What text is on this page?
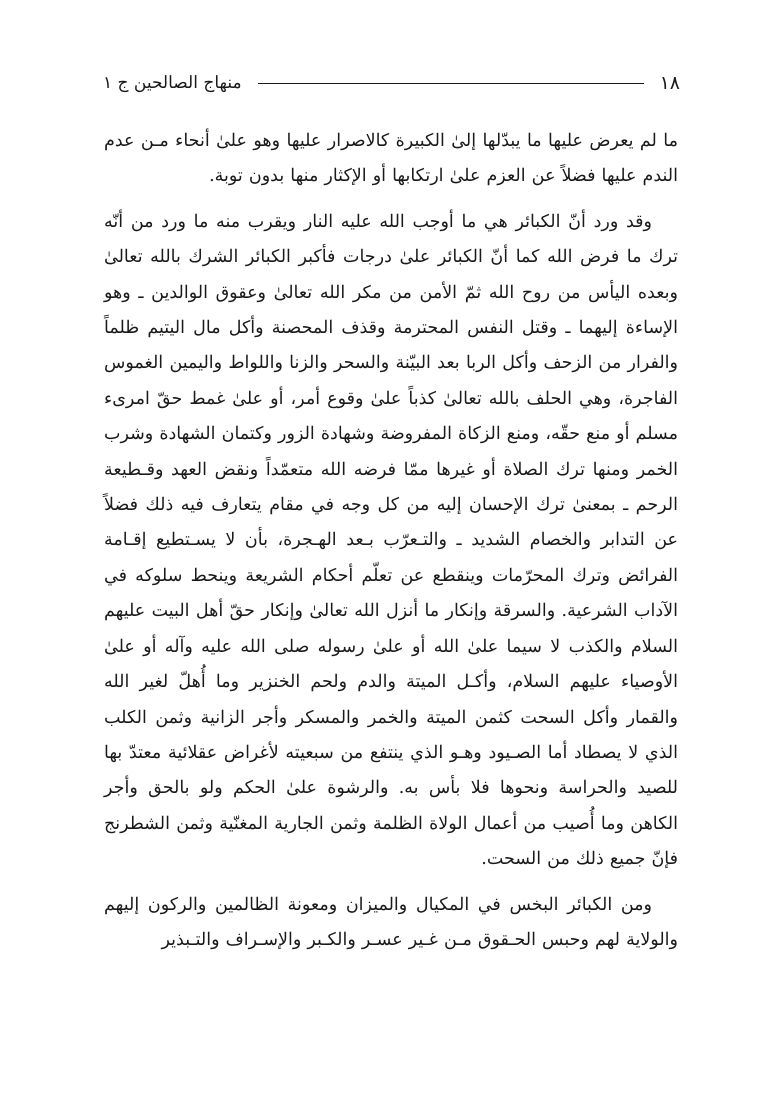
١٨
منهاج الصالحين ج ١

ما لم يعرض عليها ما يبدّلها إلىٰ الكبيرة كالاصرار عليها وهو علىٰ أنحاء مـن عدم الندم عليها فضلاً عن العزم علىٰ ارتكابها أو الإكثار منها بدون توبة.

وقد ورد أنّ الكبائر هي ما أوجب الله عليه النار ويقرب منه ما ورد من أنّه ترك ما فرض الله كما أنّ الكبائر علىٰ درجات فأكبر الكبائر الشرك بالله تعالىٰ وبعده اليأس من روح الله ثمّ الأمن من مكر الله تعالىٰ وعقوق الوالدين ـ وهو الإساءة إليهما ـ وقتل النفس المحترمة وقذف المحصنة وأكل مال اليتيم ظلماً والفرار من الزحف وأكل الربا بعد البيّنة والسحر والزنا واللواط واليمين الغموس الفاجرة، وهي الحلف بالله تعالىٰ كذباً علىٰ وقوع أمر، أو علىٰ غمط حقّ امرىء مسلم أو منع حقّه، ومنع الزكاة المفروضة وشهادة الزور وكتمان الشهادة وشرب الخمر ومنها ترك الصلاة أو غيرها ممّا فرضه الله متعمّداً ونقض العهد وقـطيعة الرحم ـ بمعنىٰ ترك الإحسان إليه من كل وجه في مقام يتعارف فيه ذلك فضلاً عن التدابر والخصام الشديد ـ والتـعرّب بـعد الهـجرة، بأن لا يسـتطيع إقـامة الفرائض وترك المحرّمات وينقطع عن تعلّم أحكام الشريعة وينحط سلوكه في الآداب الشرعية. والسرقة وإنكار ما أنزل الله تعالىٰ وإنكار حقّ أهل البيت عليهم السلام والكذب لا سيما علىٰ الله أو علىٰ رسوله صلى الله عليه وآله أو علىٰ الأوصياء عليهم السلام، وأكـل الميتة والدم ولحم الخنزير وما أُهلّ لغير الله والقمار وأكل السحت كثمن الميتة والخمر والمسكر وأجر الزانية وثمن الكلب الذي لا يصطاد أما الصـيود وهـو الذي ينتفع من سبعيته لأغراض عقلائية معتدّ بها للصيد والحراسة ونحوها فلا بأس به. والرشوة علىٰ الحكم ولو بالحق وأجر الكاهن وما أُصيب من أعمال الولاة الظلمة وثمن الجارية المغنّية وثمن الشطرنج فإنّ جميع ذلك من السحت.

ومن الكبائر البخس في المكيال والميزان ومعونة الظالمين والركون إليهم والولاية لهم وحبس الحـقوق مـن غـير عسـر والكـبر والإسـراف والتـبذير
